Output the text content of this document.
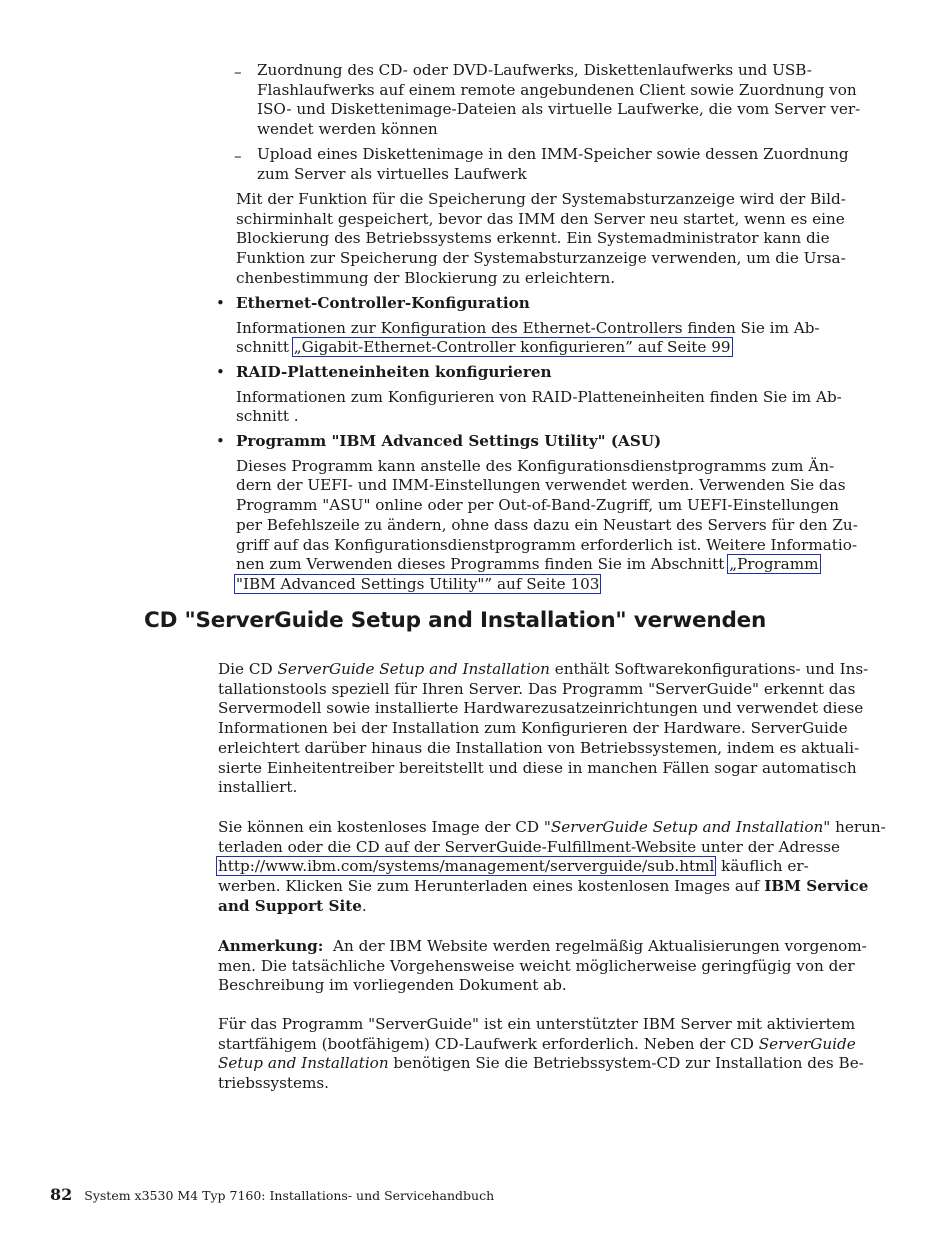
– Zuordnung des CD- oder DVD-Laufwerks, Diskettenlaufwerks und USB-
Flashlaufwerks auf einem remote angebundenen Client sowie Zuordnung von
ISO- und Diskettenimage-Dateien als virtuelle Laufwerke, die vom Server ver-
wendet werden können
– Upload eines Diskettenimage in den IMM-Speicher sowie dessen Zuordnung
zum Server als virtuelles Laufwerk
Mit der Funktion für die Speicherung der Systemabsturzanzeige wird der Bild-
schirminhalt gespeichert, bevor das IMM den Server neu startet, wenn es eine
Blockierung des Betriebssystems erkennt. Ein Systemadministrator kann die
Funktion zur Speicherung der Systemabsturzanzeige verwenden, um die Ursa-
chenbestimmung der Blockierung zu erleichtern.
• Ethernet-Controller-Konfiguration
Informationen zur Konfiguration des Ethernet-Controllers finden Sie im Ab-
schnitt „Gigabit-Ethernet-Controller konfigurieren” auf Seite 99
• RAID-Platteneinheiten konfigurieren
Informationen zum Konfigurieren von RAID-Platteneinheiten finden Sie im Ab-
schnitt .
• Programm "IBM Advanced Settings Utility" (ASU)
Dieses Programm kann anstelle des Konfigurationsdienstprogramms zum Än-
dern der UEFI- und IMM-Einstellungen verwendet werden. Verwenden Sie das
Programm "ASU" online oder per Out-of-Band-Zugriff, um UEFI-Einstellungen
per Befehlszeile zu ändern, ohne dass dazu ein Neustart des Servers für den Zu-
griff auf das Konfigurationsdienstprogramm erforderlich ist. Weitere Informatio-
nen zum Verwenden dieses Programms finden Sie im Abschnitt „Programm
"IBM Advanced Settings Utility"” auf Seite 103
CD "ServerGuide Setup and Installation" verwenden
Die CD ServerGuide Setup and Installation enthält Softwarekonfigurations- und Ins-
tallationstools speziell für Ihren Server. Das Programm "ServerGuide" erkennt das
Servermodell sowie installierte Hardwarezusatzeinrichtungen und verwendet diese
Informationen bei der Installation zum Konfigurieren der Hardware. ServerGuide
erleichtert darüber hinaus die Installation von Betriebssystemen, indem es aktuali-
sierte Einheitentreiber bereitstellt und diese in manchen Fällen sogar automatisch
installiert.
Sie können ein kostenloses Image der CD "ServerGuide Setup and Installation" herun-
terladen oder die CD auf der ServerGuide-Fulfillment-Website unter der Adresse
http://www.ibm.com/systems/management/serverguide/sub.html käuflich er-
werben. Klicken Sie zum Herunterladen eines kostenlosen Images auf IBM Service
and Support Site.
Anmerkung:  An der IBM Website werden regelmäßig Aktualisierungen vorgenom-
men. Die tatsächliche Vorgehensweise weicht möglicherweise geringfügig von der
Beschreibung im vorliegenden Dokument ab.
Für das Programm "ServerGuide" ist ein unterstützter IBM Server mit aktiviertem
startfähigem (bootfähigem) CD-Laufwerk erforderlich. Neben der CD ServerGuide
Setup and Installation benötigen Sie die Betriebssystem-CD zur Installation des Be-
triebssystems.
82 System x3530 M4 Typ 7160: Installations- und Servicehandbuch
